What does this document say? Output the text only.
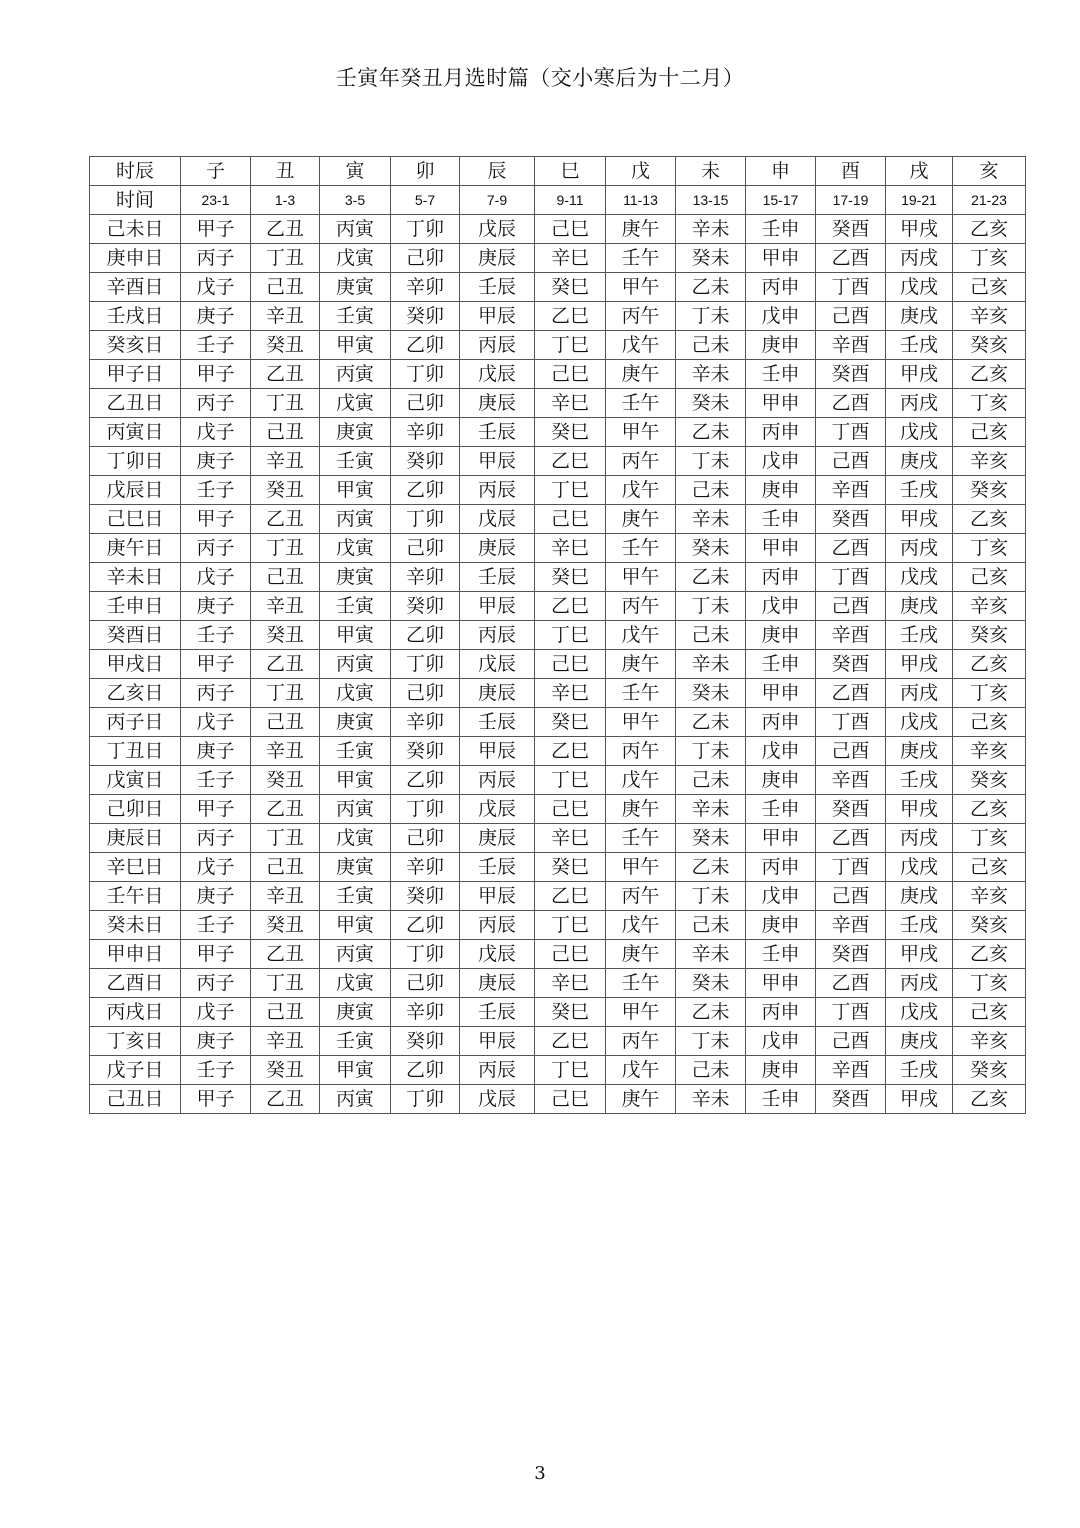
壬寅年癸丑月选时篇（交小寒后为十二月）
时辰	子	丑	寅	卯	辰	巳	戊	未	申	酉	戌	亥
时间	23-1	1-3	3-5	5-7	7-9	9-11	11-13	13-15	15-17	17-19	19-21	21-23
己未日	甲子	乙丑	丙寅	丁卯	戊辰	己巳	庚午	辛未	壬申	癸酉	甲戌	乙亥
庚申日	丙子	丁丑	戊寅	己卯	庚辰	辛巳	壬午	癸未	甲申	乙酉	丙戌	丁亥
辛酉日	戊子	己丑	庚寅	辛卯	壬辰	癸巳	甲午	乙未	丙申	丁酉	戊戌	己亥
壬戌日	庚子	辛丑	壬寅	癸卯	甲辰	乙巳	丙午	丁未	戊申	己酉	庚戌	辛亥
癸亥日	壬子	癸丑	甲寅	乙卯	丙辰	丁巳	戊午	己未	庚申	辛酉	壬戌	癸亥
甲子日	甲子	乙丑	丙寅	丁卯	戊辰	己巳	庚午	辛未	壬申	癸酉	甲戌	乙亥
乙丑日	丙子	丁丑	戊寅	己卯	庚辰	辛巳	壬午	癸未	甲申	乙酉	丙戌	丁亥
丙寅日	戊子	己丑	庚寅	辛卯	壬辰	癸巳	甲午	乙未	丙申	丁酉	戊戌	己亥
丁卯日	庚子	辛丑	壬寅	癸卯	甲辰	乙巳	丙午	丁未	戊申	己酉	庚戌	辛亥
戊辰日	壬子	癸丑	甲寅	乙卯	丙辰	丁巳	戊午	己未	庚申	辛酉	壬戌	癸亥
己巳日	甲子	乙丑	丙寅	丁卯	戊辰	己巳	庚午	辛未	壬申	癸酉	甲戌	乙亥
庚午日	丙子	丁丑	戊寅	己卯	庚辰	辛巳	壬午	癸未	甲申	乙酉	丙戌	丁亥
辛未日	戊子	己丑	庚寅	辛卯	壬辰	癸巳	甲午	乙未	丙申	丁酉	戊戌	己亥
壬申日	庚子	辛丑	壬寅	癸卯	甲辰	乙巳	丙午	丁未	戊申	己酉	庚戌	辛亥
癸酉日	壬子	癸丑	甲寅	乙卯	丙辰	丁巳	戊午	己未	庚申	辛酉	壬戌	癸亥
甲戌日	甲子	乙丑	丙寅	丁卯	戊辰	己巳	庚午	辛未	壬申	癸酉	甲戌	乙亥
乙亥日	丙子	丁丑	戊寅	己卯	庚辰	辛巳	壬午	癸未	甲申	乙酉	丙戌	丁亥
丙子日	戊子	己丑	庚寅	辛卯	壬辰	癸巳	甲午	乙未	丙申	丁酉	戊戌	己亥
丁丑日	庚子	辛丑	壬寅	癸卯	甲辰	乙巳	丙午	丁未	戊申	己酉	庚戌	辛亥
戊寅日	壬子	癸丑	甲寅	乙卯	丙辰	丁巳	戊午	己未	庚申	辛酉	壬戌	癸亥
己卯日	甲子	乙丑	丙寅	丁卯	戊辰	己巳	庚午	辛未	壬申	癸酉	甲戌	乙亥
庚辰日	丙子	丁丑	戊寅	己卯	庚辰	辛巳	壬午	癸未	甲申	乙酉	丙戌	丁亥
辛巳日	戊子	己丑	庚寅	辛卯	壬辰	癸巳	甲午	乙未	丙申	丁酉	戊戌	己亥
壬午日	庚子	辛丑	壬寅	癸卯	甲辰	乙巳	丙午	丁未	戊申	己酉	庚戌	辛亥
癸未日	壬子	癸丑	甲寅	乙卯	丙辰	丁巳	戊午	己未	庚申	辛酉	壬戌	癸亥
甲申日	甲子	乙丑	丙寅	丁卯	戊辰	己巳	庚午	辛未	壬申	癸酉	甲戌	乙亥
乙酉日	丙子	丁丑	戊寅	己卯	庚辰	辛巳	壬午	癸未	甲申	乙酉	丙戌	丁亥
丙戌日	戊子	己丑	庚寅	辛卯	壬辰	癸巳	甲午	乙未	丙申	丁酉	戊戌	己亥
丁亥日	庚子	辛丑	壬寅	癸卯	甲辰	乙巳	丙午	丁未	戊申	己酉	庚戌	辛亥
戊子日	壬子	癸丑	甲寅	乙卯	丙辰	丁巳	戊午	己未	庚申	辛酉	壬戌	癸亥
己丑日	甲子	乙丑	丙寅	丁卯	戊辰	己巳	庚午	辛未	壬申	癸酉	甲戌	乙亥
3
